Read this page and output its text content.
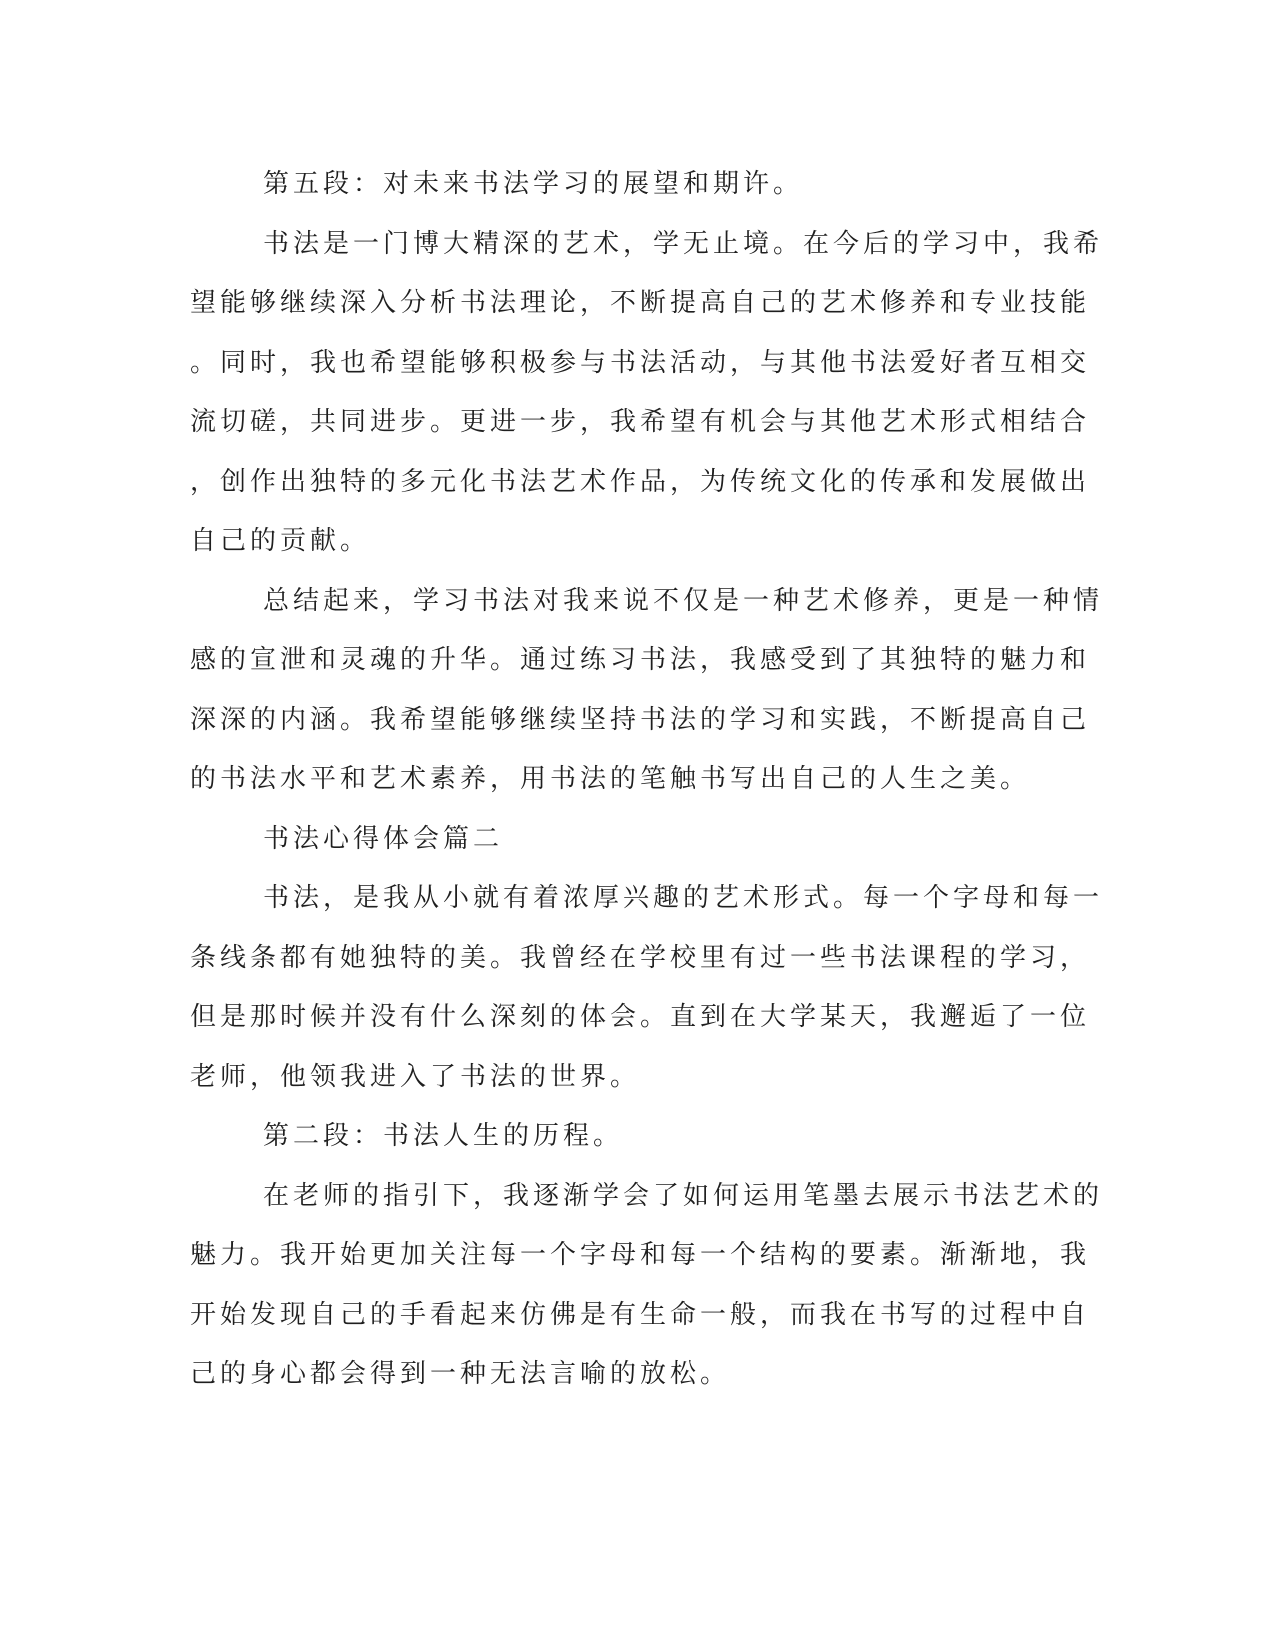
第五段：对未来书法学习的展望和期许。
书法是一门博大精深的艺术，学无止境。在今后的学习中，我希
望能够继续深入分析书法理论，不断提高自己的艺术修养和专业技能
。同时，我也希望能够积极参与书法活动，与其他书法爱好者互相交
流切磋，共同进步。更进一步，我希望有机会与其他艺术形式相结合
，创作出独特的多元化书法艺术作品，为传统文化的传承和发展做出
自己的贡献。
总结起来，学习书法对我来说不仅是一种艺术修养，更是一种情
感的宣泄和灵魂的升华。通过练习书法，我感受到了其独特的魅力和
深深的内涵。我希望能够继续坚持书法的学习和实践，不断提高自己
的书法水平和艺术素养，用书法的笔触书写出自己的人生之美。
书法心得体会篇二
书法，是我从小就有着浓厚兴趣的艺术形式。每一个字母和每一
条线条都有她独特的美。我曾经在学校里有过一些书法课程的学习，
但是那时候并没有什么深刻的体会。直到在大学某天，我邂逅了一位
老师，他领我进入了书法的世界。
第二段：书法人生的历程。
在老师的指引下，我逐渐学会了如何运用笔墨去展示书法艺术的
魅力。我开始更加关注每一个字母和每一个结构的要素。渐渐地，我
开始发现自己的手看起来仿佛是有生命一般，而我在书写的过程中自
己的身心都会得到一种无法言喻的放松。
